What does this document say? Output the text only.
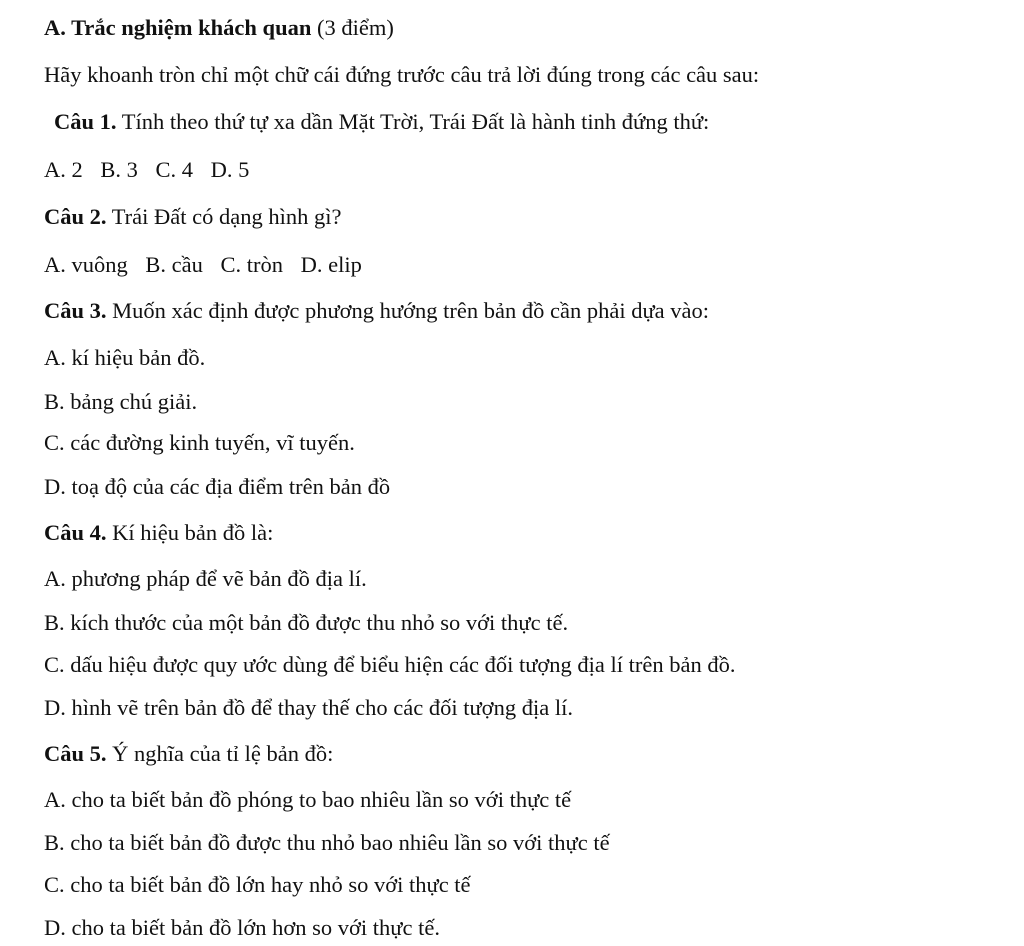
A. Trắc nghiệm khách quan (3 điểm)
Hãy khoanh tròn chỉ một chữ cái đứng trước câu trả lời đúng trong các câu sau:
Câu 1. Tính theo thứ tự xa dần Mặt Trời, Trái Đất là hành tinh đứng thứ:
A. 2 B. 3 C. 4 D. 5
Câu 2. Trái Đất có dạng hình gì?
A. vuông B. cầu C. tròn D. elip
Câu 3. Muốn xác định được phương hướng trên bản đồ cần phải dựa vào:
A. kí hiệu bản đồ.
B. bảng chú giải.
C. các đường kinh tuyến, vĩ tuyến.
D. toạ độ của các địa điểm trên bản đồ
Câu 4. Kí hiệu bản đồ là:
A. phương pháp để vẽ bản đồ địa lí.
B. kích thước của một bản đồ được thu nhỏ so với thực tế.
C. dấu hiệu được quy ước dùng để biểu hiện các đối tượng địa lí trên bản đồ.
D. hình vẽ trên bản đồ để thay thế cho các đối tượng địa lí.
Câu 5. Ý nghĩa của tỉ lệ bản đồ:
A. cho ta biết bản đồ phóng to bao nhiêu lần so với thực tế
B. cho ta biết bản đồ được thu nhỏ bao nhiêu lần so với thực tế
C. cho ta biết bản đồ lớn hay nhỏ so với thực tế
D. cho ta biết bản đồ lớn hơn so với thực tế.
